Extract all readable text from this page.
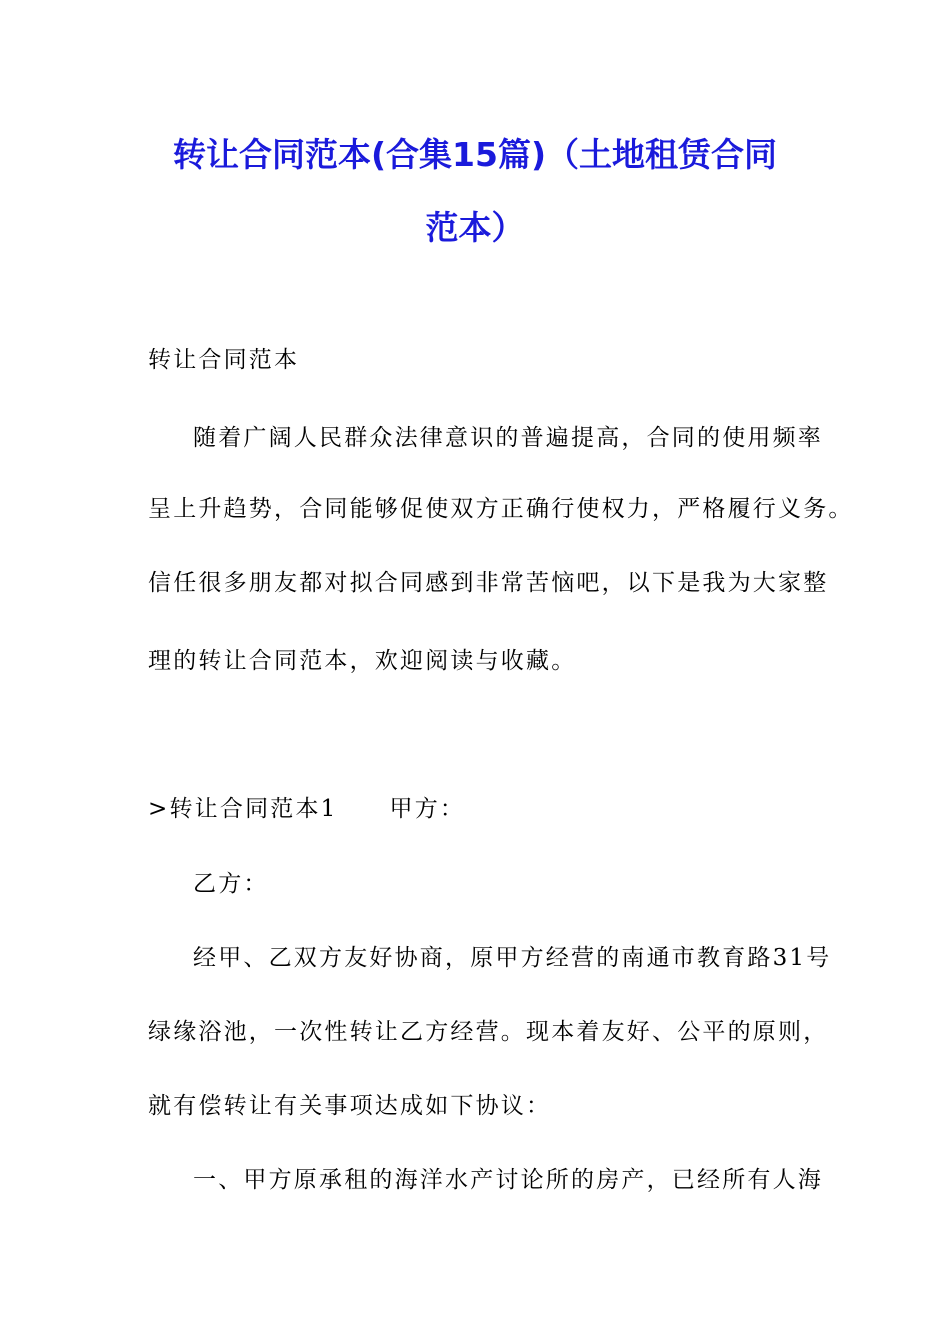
转让合同范本(合集15篇)（土地租赁合同
范本）
转让合同范本
随着广阔人民群众法律意识的普遍提高，合同的使用频率
呈上升趋势，合同能够促使双方正确行使权力，严格履行义务。
信任很多朋友都对拟合同感到非常苦恼吧，以下是我为大家整
理的转让合同范本，欢迎阅读与收藏。
>转让合同范本1 甲方：
乙方：
经甲、乙双方友好协商，原甲方经营的南通市教育路31号
绿缘浴池，一次性转让乙方经营。现本着友好、公平的原则，
就有偿转让有关事项达成如下协议：
一、甲方原承租的海洋水产讨论所的房产，已经所有人海
